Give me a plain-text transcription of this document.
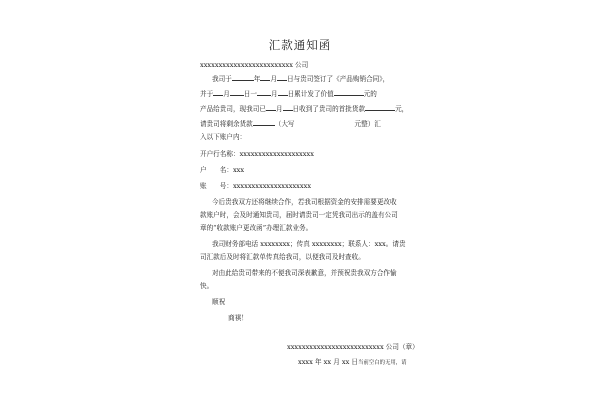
汇款通知函
xxxxxxxxxxxxxxxxxxxxxxxxx 公司
我司于	年 月 日与贵司签订了《产品购销合同》，
并于 月 日一 月 日累计发了价值	元的
产品给贵司，现我司已 月 日收到了贵司的首批货款	元，
请贵司将剩余货款	（大写	元整）汇
入以下账户内：
开户行名称：xxxxxxxxxxxxxxxxxxxx
户　　名：xxx
账　　号：xxxxxxxxxxxxxxxxxxxxx
今后贵我双方还将继续合作，若我司根据资金的安排需要更改收
款账户时，会及时通知贵司，届时请贵司一定凭我司出示的盖有公司
章的“收款账户更改函”办理汇款业务。
我司财务部电话 xxxxxxxx；传真 xxxxxxxx；联系人：xxx。请贵
司汇款后及时将汇款单传真给我司，以便我司及时查收。
对由此给贵司带来的不便我司深表歉意，并预祝贵我双方合作愉
快。
顺祝
商祺！
xxxxxxxxxxxxxxxxxxxxxxxxxx 公司（章）
xxxx 年 xx 月 xx 日当前空白的无用，请
